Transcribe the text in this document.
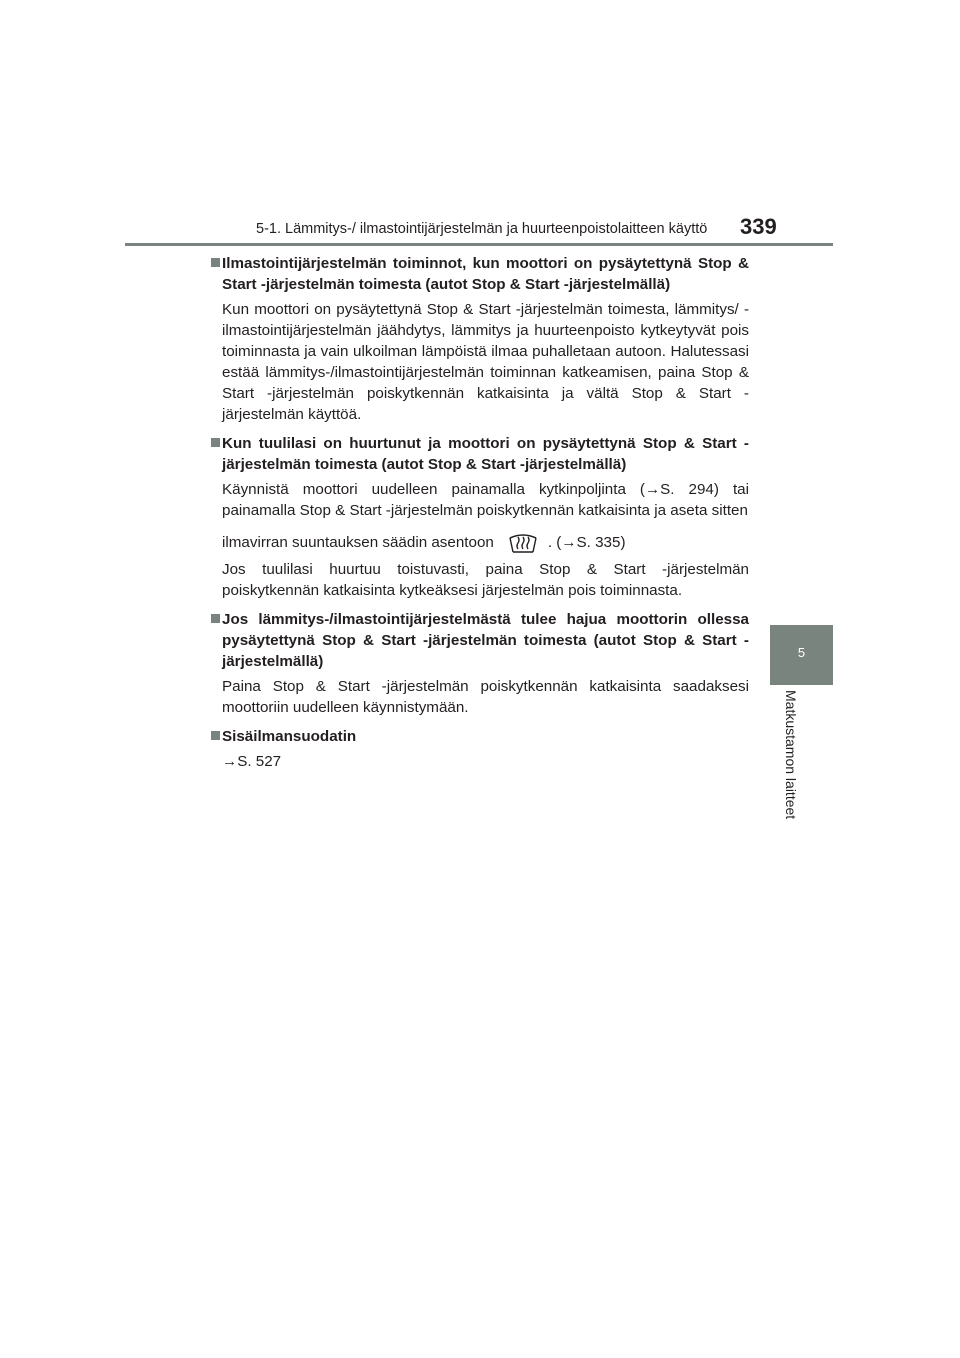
5-1. Lämmitys-/ ilmastointijärjestelmän ja huurteenpoistolaitteen käyttö 339
5
Matkustamon laitteet
Ilmastointijärjestelmän toiminnot, kun moottori on pysäytettynä Stop & Start -järjestelmän toimesta (autot Stop & Start -järjestelmällä)
Kun moottori on pysäytettynä Stop & Start -järjestelmän toimesta, lämmitys/ -ilmastointijärjestelmän jäähdytys, lämmitys ja huurteenpoisto kytkeytyvät pois toiminnasta ja vain ulkoilman lämpöistä ilmaa puhalletaan autoon. Halutessasi estää lämmitys-/ilmastointijärjestelmän toiminnan katkeamisen, paina Stop & Start -järjestelmän poiskytkennän katkaisinta ja vältä Stop & Start -järjestelmän käyttöä.
Kun tuulilasi on huurtunut ja moottori on pysäytettynä Stop & Start -järjestelmän toimesta (autot Stop & Start -järjestelmällä)
Käynnistä moottori uudelleen painamalla kytkinpoljinta (→S. 294) tai painamalla Stop & Start -järjestelmän poiskytkennän katkaisinta ja aseta sitten
ilmavirran suuntauksen säädin asentoon	. (→S. 335)
Jos tuulilasi huurtuu toistuvasti, paina Stop & Start -järjestelmän poiskytkennän katkaisinta kytkeäksesi järjestelmän pois toiminnasta.
Jos lämmitys-/ilmastointijärjestelmästä tulee hajua moottorin ollessa pysäytettynä Stop & Start -järjestelmän toimesta (autot Stop & Start -järjestelmällä)
Paina Stop & Start -järjestelmän poiskytkennän katkaisinta saadaksesi moottoriin uudelleen käynnistymään.
Sisäilmansuodatin
→S. 527
